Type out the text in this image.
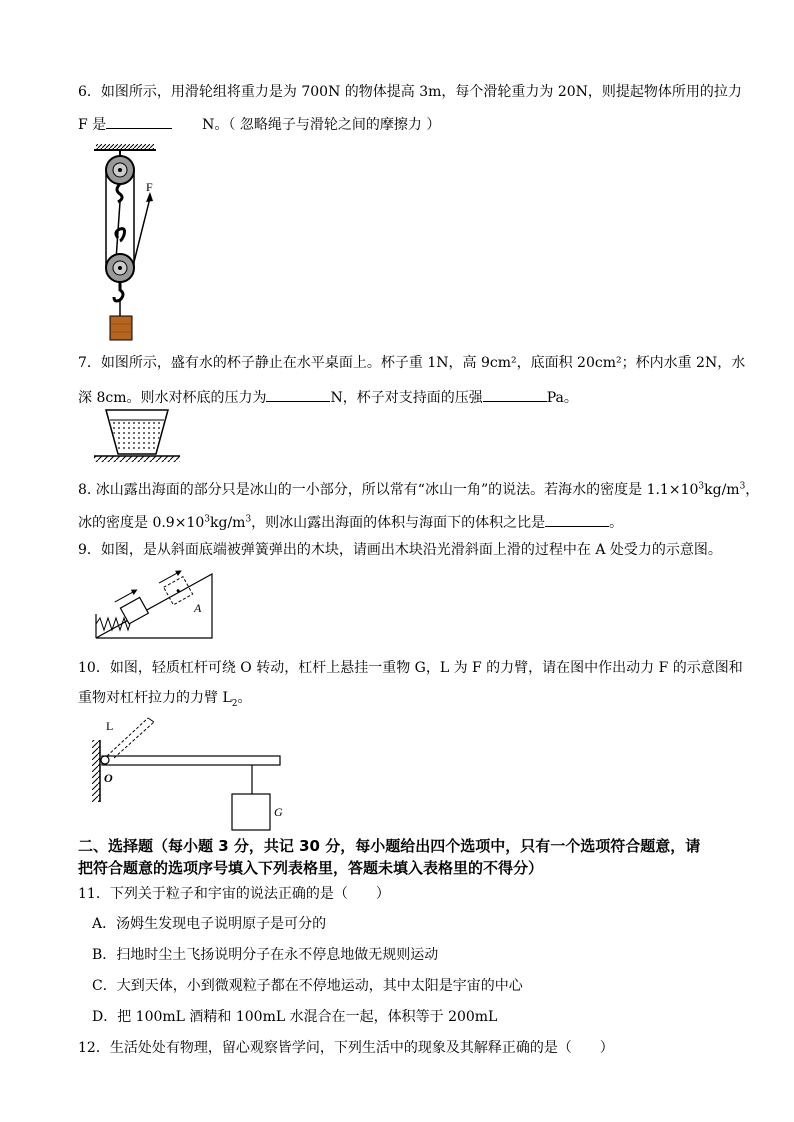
6．如图所示，用滑轮组将重力是为 700N 的物体提高 3m，每个滑轮重力为 20N，则提起物体所用的拉力
F 是	N。（ 忽略绳子与滑轮之间的摩擦力 ）
F
7．如图所示，盛有水的杯子静止在水平桌面上。杯子重 1N，高 9cm²，底面积 20cm²；杯内水重 2N，水
深 8cm。则水对杯底的压力为	N，杯子对支持面的压强	Pa。
8. 冰山露出海面的部分只是冰山的一小部分，所以常有“冰山一角”的说法。若海水的密度是 $1.1\times 10^3kg/m^3$，
冰的密度是 $0.9\times 10^3kg/m^3$，则冰山露出海面的体积与海面下的体积之比是	。
9．如图，是从斜面底端被弹簧弹出的木块，请画出木块沿光滑斜面上滑的过程中在 A 处受力的示意图。
A
10．如图，轻质杠杆可绕 O 转动，杠杆上悬挂一重物 G，L 为 F 的力臂，请在图中作出动力 F 的示意图和
重物对杠杆拉力的力臂 $L_2$。
O
L
G
二、选择题（每小题 3 分，共记 30 分，每小题给出四个选项中，只有一个选项符合题意，请
把符合题意的选项序号填入下列表格里，答题未填入表格里的不得分）
11．下列关于粒子和宇宙的说法正确的是（　　）
A．汤姆生发现电子说明原子是可分的
B．扫地时尘土飞扬说明分子在永不停息地做无规则运动
C．大到天体，小到微观粒子都在不停地运动，其中太阳是宇宙的中心
D．把 100mL 酒精和 100mL 水混合在一起，体积等于 200mL
12．生活处处有物理，留心观察皆学问，下列生活中的现象及其解释正确的是（　　）
